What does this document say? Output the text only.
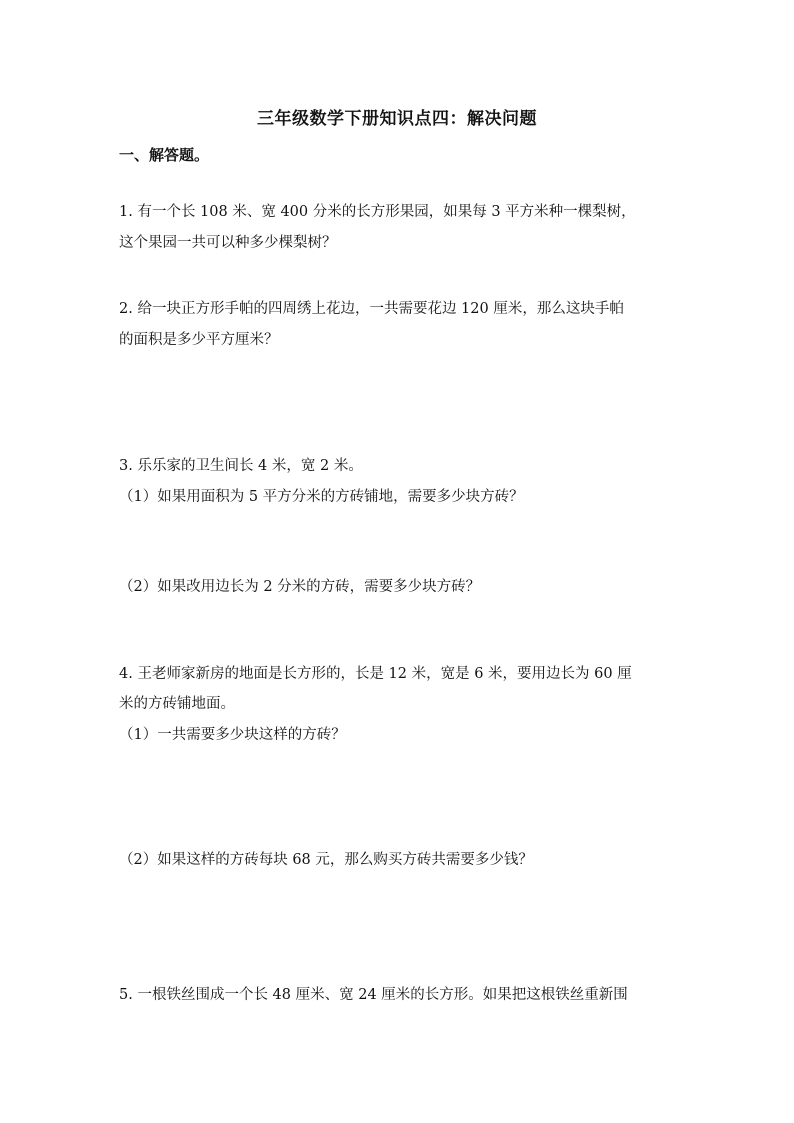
三年级数学下册知识点四：解决问题
一、解答题。
1. 有一个长 108 米、宽 400 分米的长方形果园，如果每 3 平方米种一棵梨树，
这个果园一共可以种多少棵梨树？
2. 给一块正方形手帕的四周绣上花边，一共需要花边 120 厘米，那么这块手帕
的面积是多少平方厘米？
3. 乐乐家的卫生间长 4 米，宽 2 米。
（1）如果用面积为 5 平方分米的方砖铺地，需要多少块方砖？
（2）如果改用边长为 2 分米的方砖，需要多少块方砖？
4. 王老师家新房的地面是长方形的，长是 12 米，宽是 6 米，要用边长为 60 厘
米的方砖铺地面。
（1）一共需要多少块这样的方砖？
（2）如果这样的方砖每块 68 元，那么购买方砖共需要多少钱？
5. 一根铁丝围成一个长 48 厘米、宽 24 厘米的长方形。如果把这根铁丝重新围
